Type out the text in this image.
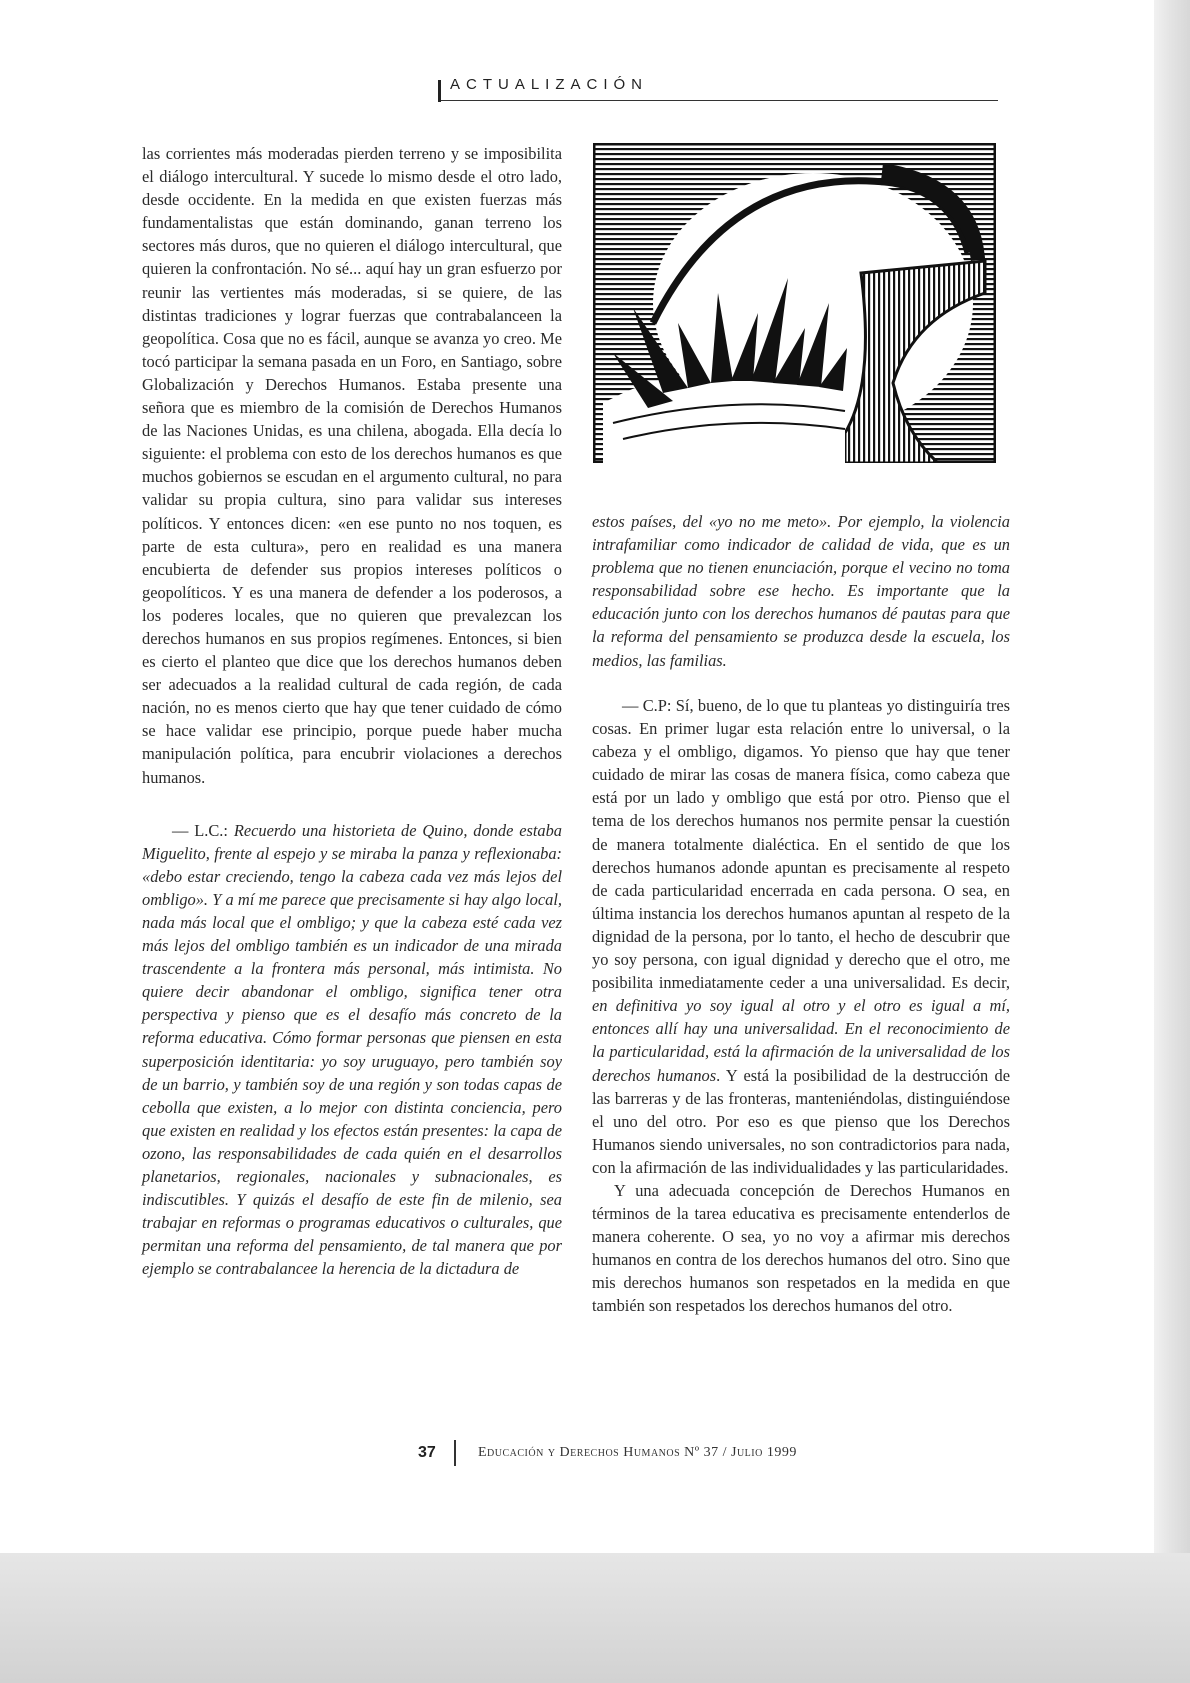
ACTUALIZACIÓN

las corrientes más moderadas pierden terreno y se imposibilita el diálogo intercultural. Y sucede lo mismo desde el otro lado, desde occidente. En la medida en que existen fuerzas más fundamentalistas que están dominando, ganan terreno los sectores más duros, que no quieren el diálogo intercultural, que quieren la confrontación. No sé... aquí hay un gran esfuerzo por reunir las vertientes más moderadas, si se quiere, de las distintas tradiciones y lograr fuerzas que contrabalanceen la geopolítica. Cosa que no es fácil, aunque se avanza yo creo. Me tocó participar la semana pasada en un Foro, en Santiago, sobre Globalización y Derechos Humanos. Estaba presente una señora que es miembro de la comisión de Derechos Humanos de las Naciones Unidas, es una chilena, abogada. Ella decía lo siguiente: el problema con esto de los derechos humanos es que muchos gobiernos se escudan en el argumento cultural, no para validar su propia cultura, sino para validar sus intereses políticos. Y entonces dicen: «en ese punto no nos toquen, es parte de esta cultura», pero en realidad es una manera encubierta de defender sus propios intereses políticos o geopolíticos. Y es una manera de defender a los poderosos, a los poderes locales, que no quieren que prevalezcan los derechos humanos en sus propios regímenes. Entonces, si bien es cierto el planteo que dice que los derechos humanos deben ser adecuados a la realidad cultural de cada región, de cada nación, no es menos cierto que hay que tener cuidado de cómo se hace validar ese principio, porque puede haber mucha manipulación política, para encubrir violaciones a derechos humanos.

— L.C.: Recuerdo una historieta de Quino, donde estaba Miguelito, frente al espejo y se miraba la panza y reflexionaba: «debo estar creciendo, tengo la cabeza cada vez más lejos del ombligo». Y a mí me parece que precisamente si hay algo local, nada más local que el ombligo; y que la cabeza esté cada vez más lejos del ombligo también es un indicador de una mirada trascendente a la frontera más personal, más intimista. No quiere decir abandonar el ombligo, significa tener otra perspectiva y pienso que es el desafío más concreto de la reforma educativa. Cómo formar personas que piensen en esta superposición identitaria: yo soy uruguayo, pero también soy de un barrio, y también soy de una región y son todas capas de cebolla que existen, a lo mejor con distinta conciencia, pero que existen en realidad y los efectos están presentes: la capa de ozono, las responsabilidades de cada quién en el desarrollos planetarios, regionales, nacionales y subnacionales, es indiscutibles. Y quizás el desafío de este fin de milenio, sea trabajar en reformas o programas educativos o culturales, que permitan una reforma del pensamiento, de tal manera que por ejemplo se contrabalancee la herencia de la dictadura de

estos países, del «yo no me meto». Por ejemplo, la violencia intrafamiliar como indicador de calidad de vida, que es un problema que no tienen enunciación, porque el vecino no toma responsabilidad sobre ese hecho. Es importante que la educación junto con los derechos humanos dé pautas para que la reforma del pensamiento se produzca desde la escuela, los medios, las familias.

— C.P: Sí, bueno, de lo que tu planteas yo distinguiría tres cosas. En primer lugar esta relación entre lo universal, o la cabeza y el ombligo, digamos. Yo pienso que hay que tener cuidado de mirar las cosas de manera física, como cabeza que está por un lado y ombligo que está por otro. Pienso que el tema de los derechos humanos nos permite pensar la cuestión de manera totalmente dialéctica. En el sentido de que los derechos humanos adonde apuntan es precisamente al respeto de cada particularidad encerrada en cada persona. O sea, en última instancia los derechos humanos apuntan al respeto de la dignidad de la persona, por lo tanto, el hecho de descubrir que yo soy persona, con igual dignidad y derecho que el otro, me posibilita inmediatamente ceder a una universalidad. Es decir, en definitiva yo soy igual al otro y el otro es igual a mí, entonces allí hay una universalidad. En el reconocimiento de la particularidad, está la afirmación de la universalidad de los derechos humanos. Y está la posibilidad de la destrucción de las barreras y de las fronteras, manteniéndolas, distinguiéndose el uno del otro. Por eso es que pienso que los Derechos Humanos siendo universales, no son contradictorios para nada, con la afirmación de las individualidades y las particularidades.

Y una adecuada concepción de Derechos Humanos en términos de la tarea educativa es precisamente entenderlos de manera coherente. O sea, yo no voy a afirmar mis derechos humanos en contra de los derechos humanos del otro. Sino que mis derechos humanos son respetados en la medida en que también son respetados los derechos humanos del otro.

37	Educación y Derechos Humanos Nº 37 / Julio 1999
